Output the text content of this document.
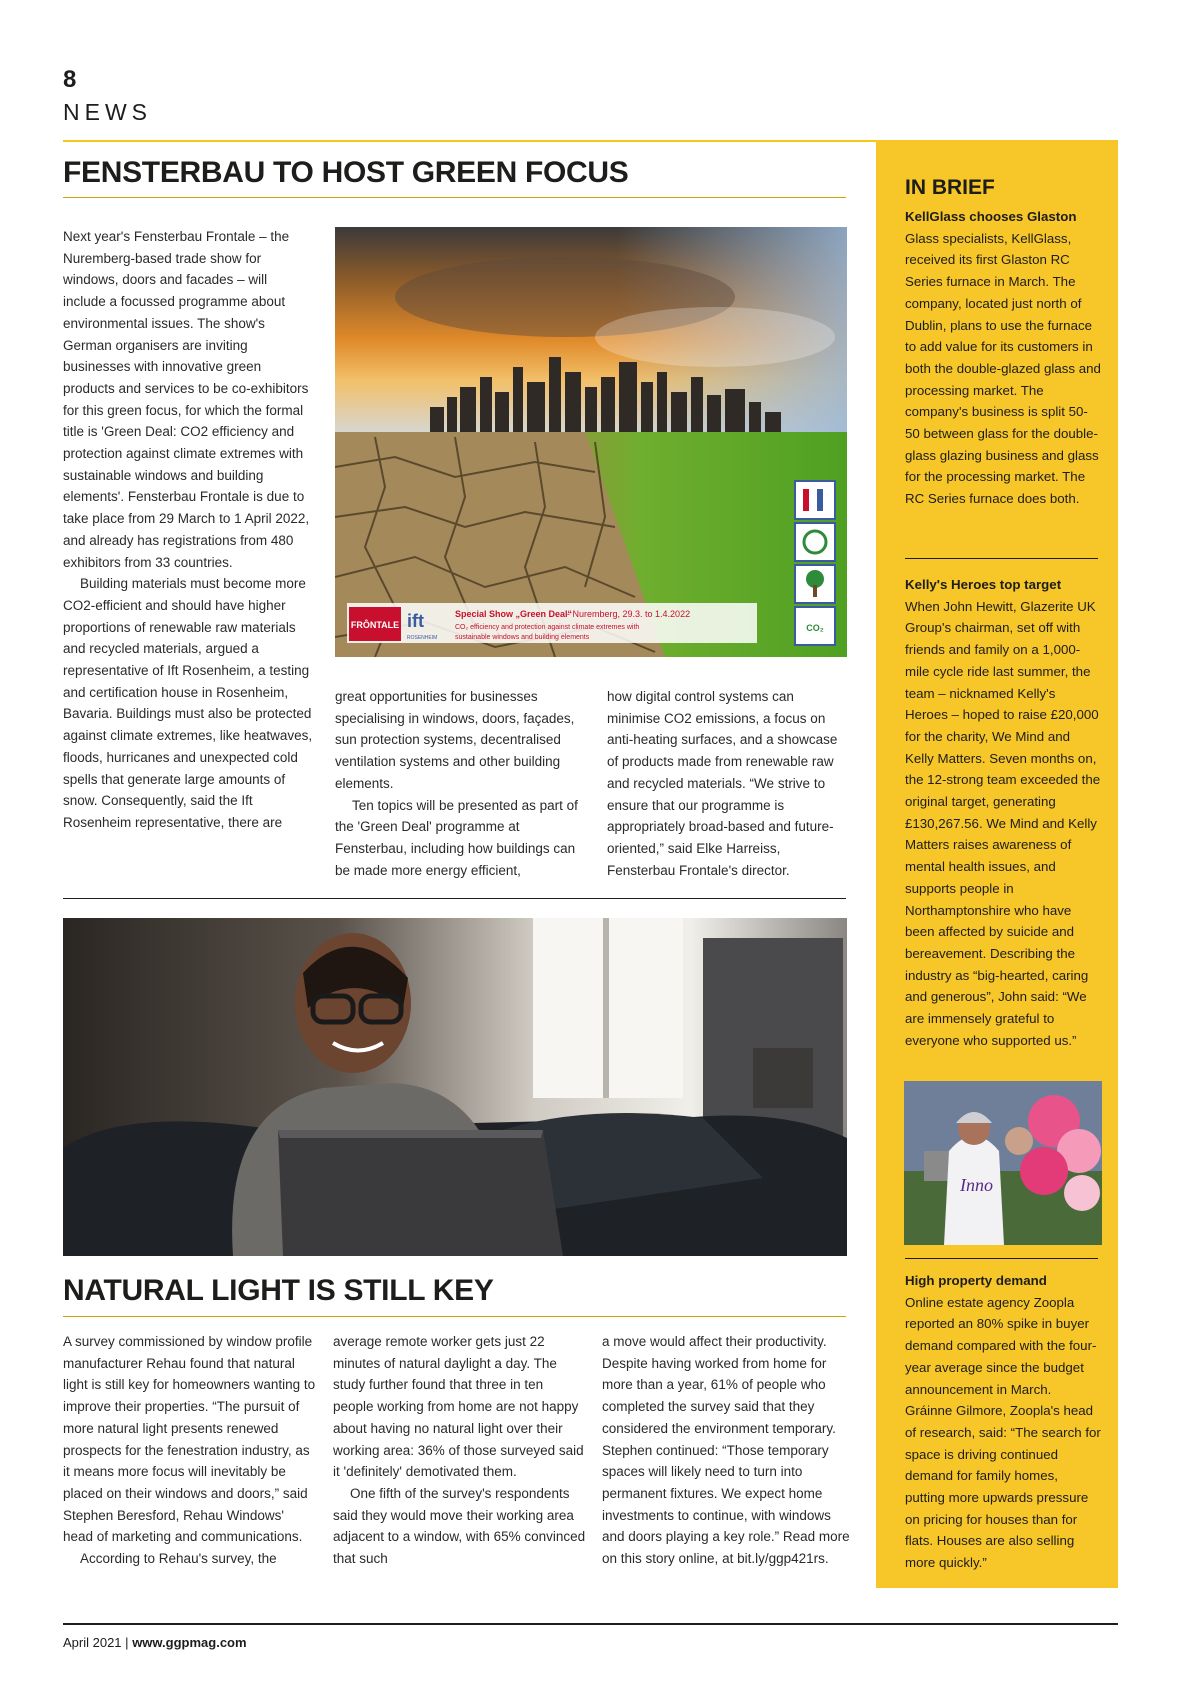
8
NEWS
FENSTERBAU TO HOST GREEN FOCUS

Next year's Fensterbau Frontale – the Nuremberg-based trade show for windows, doors and facades – will include a focussed programme about environmental issues. The show's German organisers are inviting businesses with innovative green products and services to be co-exhibitors for this green focus, for which the formal title is 'Green Deal: CO2 efficiency and protection against climate extremes with sustainable windows and building elements'. Fensterbau Frontale is due to take place from 29 March to 1 April 2022, and already has registrations from 480 exhibitors from 33 countries.

Building materials must become more CO2-efficient and should have higher proportions of renewable raw materials and recycled materials, argued a representative of Ift Rosenheim, a testing and certification house in Rosenheim, Bavaria. Buildings must also be protected against climate extremes, like heatwaves, floods, hurricanes and unexpected cold spells that generate large amounts of snow. Consequently, said the Ift Rosenheim representative, there are

FRÔNTALE ift
ROSENHEIM
Special Show „Green Deal“
- Nuremberg, 29.3. to 1.4.2022
CO₂ efficiency and protection against climate extremes with
sustainable windows and building elements
CO₂

great opportunities for businesses specialising in windows, doors, façades, sun protection systems, decentralised ventilation systems and other building elements.

Ten topics will be presented as part of the 'Green Deal' programme at Fensterbau, including how buildings can be made more energy efficient,

how digital control systems can minimise CO2 emissions, a focus on anti-heating surfaces, and a showcase of products made from renewable raw and recycled materials. “We strive to ensure that our programme is appropriately broad-based and future-oriented,” said Elke Harreiss, Fensterbau Frontale's director.

NATURAL LIGHT IS STILL KEY

A survey commissioned by window profile manufacturer Rehau found that natural light is still key for homeowners wanting to improve their properties. “The pursuit of more natural light presents renewed prospects for the fenestration industry, as it means more focus will inevitably be placed on their windows and doors,” said Stephen Beresford, Rehau Windows' head of marketing and communications.

According to Rehau's survey, the

average remote worker gets just 22 minutes of natural daylight a day. The study further found that three in ten people working from home are not happy about having no natural light over their working area: 36% of those surveyed said it 'definitely' demotivated them.

One fifth of the survey's respondents said they would move their working area adjacent to a window, with 65% convinced that such

a move would affect their productivity. Despite having worked from home for more than a year, 61% of people who completed the survey said that they considered the environment temporary. Stephen continued: “Those temporary spaces will likely need to turn into permanent fixtures. We expect home investments to continue, with windows and doors playing a key role.” Read more on this story online, at bit.ly/ggp421rs.

IN BRIEF
KellGlass chooses Glaston

Glass specialists, KellGlass, received its first Glaston RC Series furnace in March. The company, located just north of Dublin, plans to use the furnace to add value for its customers in both the double-glazed glass and processing market. The company's business is split 50-50 between glass for the double-glass glazing business and glass for the processing market. The RC Series furnace does both.

Kelly's Heroes top target

When John Hewitt, Glazerite UK Group's chairman, set off with friends and family on a 1,000-mile cycle ride last summer, the team – nicknamed Kelly's Heroes – hoped to raise £20,000 for the charity, We Mind and Kelly Matters. Seven months on, the 12-strong team exceeded the original target, generating £130,267.56. We Mind and Kelly Matters raises awareness of mental health issues, and supports people in Northamptonshire who have been affected by suicide and bereavement. Describing the industry as “big-hearted, caring and generous”, John said: “We are immensely grateful to everyone who supported us.”

Inno
High property demand

Online estate agency Zoopla reported an 80% spike in buyer demand compared with the four-year average since the budget announcement in March. Gráinne Gilmore, Zoopla's head of research, said: “The search for space is driving continued demand for family homes, putting more upwards pressure on pricing for houses than for flats. Houses are also selling more quickly.”

April 2021 | www.ggpmag.com
